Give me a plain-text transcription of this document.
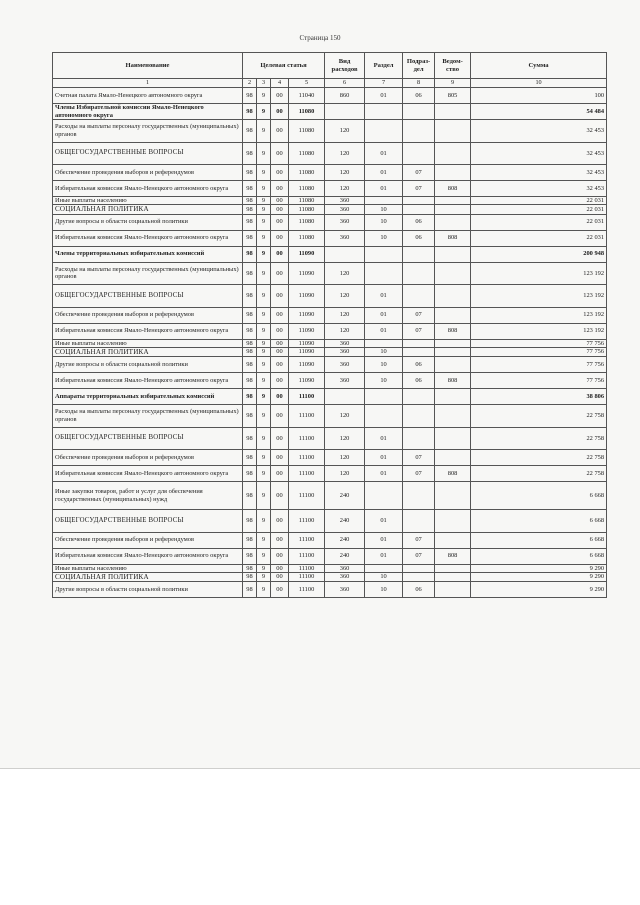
Страница 150
Наименование	Целевая статья				Вид расходов	Раздел	Подраз-дел	Ведом-ство	Сумма
1	2	3	4	5	6	7	8	9	10
Счетная палата Ямало-Ненецкого автономного округа	98	9	00	11040	860	01	06	805	100
Члены Избирательной комиссии Ямало-Ненецкого автономного округа	98	9	00	11080					54 484
Расходы на выплаты персоналу государственных (муниципальных) органов	98	9	00	11080	120				32 453
ОБЩЕГОСУДАРСТВЕННЫЕ ВОПРОСЫ	98	9	00	11080	120	01			32 453
Обеспечение проведения выборов и референдумов	98	9	00	11080	120	01	07		32 453
Избирательная комиссия Ямало-Ненецкого автономного округа	98	9	00	11080	120	01	07	808	32 453
Иные выплаты населению	98	9	00	11080	360				22 031
СОЦИАЛЬНАЯ ПОЛИТИКА	98	9	00	11080	360	10			22 031
Другие вопросы в области социальной политики	98	9	00	11080	360	10	06		22 031
Избирательная комиссия Ямало-Ненецкого автономного округа	98	9	00	11080	360	10	06	808	22 031
Члены территориальных избирательных комиссий	98	9	00	11090					200 948
Расходы на выплаты персоналу государственных (муниципальных) органов	98	9	00	11090	120				123 192
ОБЩЕГОСУДАРСТВЕННЫЕ ВОПРОСЫ	98	9	00	11090	120	01			123 192
Обеспечение проведения выборов и референдумов	98	9	00	11090	120	01	07		123 192
Избирательная комиссия Ямало-Ненецкого автономного округа	98	9	00	11090	120	01	07	808	123 192
Иные выплаты населению	98	9	00	11090	360				77 756
СОЦИАЛЬНАЯ ПОЛИТИКА	98	9	00	11090	360	10			77 756
Другие вопросы в области социальной политики	98	9	00	11090	360	10	06		77 756
Избирательная комиссия Ямало-Ненецкого автономного округа	98	9	00	11090	360	10	06	808	77 756
Аппараты территориальных избирательных комиссий	98	9	00	11100					38 806
Расходы на выплаты персоналу государственных (муниципальных) органов	98	9	00	11100	120				22 758
ОБЩЕГОСУДАРСТВЕННЫЕ ВОПРОСЫ	98	9	00	11100	120	01			22 758
Обеспечение проведения выборов и референдумов	98	9	00	11100	120	01	07		22 758
Избирательная комиссия Ямало-Ненецкого автономного округа	98	9	00	11100	120	01	07	808	22 758
Иные закупки товаров, работ и услуг для обеспечения государственных (муниципальных) нужд	98	9	00	11100	240				6 668
ОБЩЕГОСУДАРСТВЕННЫЕ ВОПРОСЫ	98	9	00	11100	240	01			6 668
Обеспечение проведения выборов и референдумов	98	9	00	11100	240	01	07		6 668
Избирательная комиссия Ямало-Ненецкого автономного округа	98	9	00	11100	240	01	07	808	6 668
Иные выплаты населению	98	9	00	11100	360				9 290
СОЦИАЛЬНАЯ ПОЛИТИКА	98	9	00	11100	360	10			9 290
Другие вопросы в области социальной политики	98	9	00	11100	360	10	06		9 290
